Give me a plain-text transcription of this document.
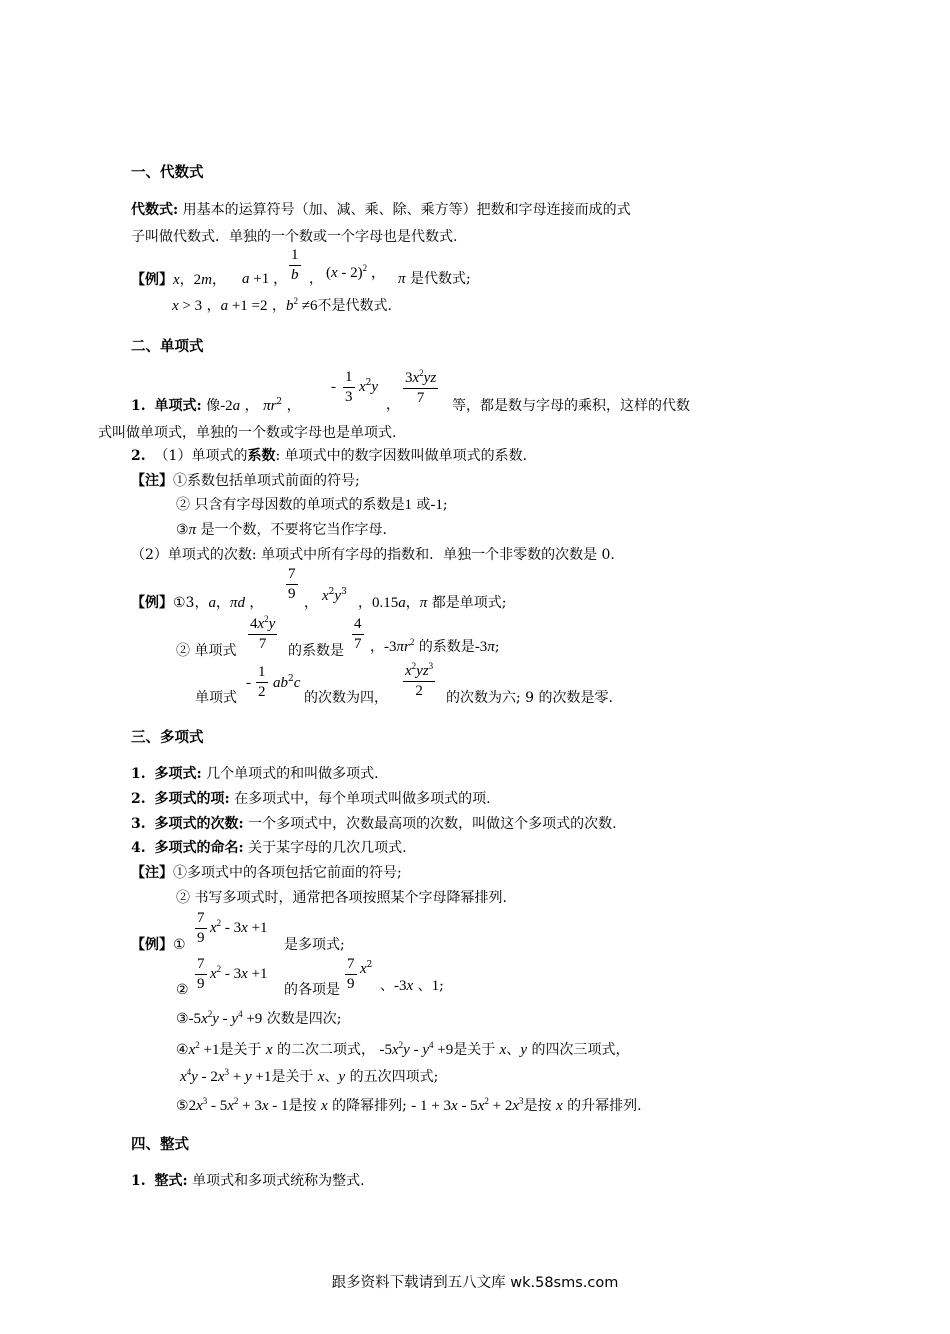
一、代数式
代数式: 用基本的运算符号（加、减、乘、除、乘方等）把数和字母连接而成的式
子叫做代数式．单独的一个数或一个字母也是代数式.
【例】x，2m， a +1 ，
1
b ， (x - 2)$^2$ ， π 是代数式;
x > 3 ，a +1 =2 ，$b^2 \ne 6$不是代数式.
二、单项式
1. 单项式: 像-2a ， $\pi r^2$ ，
-
1
3
$x^2y$
，
$3x^2yz$
7 等，都是数与字母的乘积，这样的代数
式叫做单项式，单独的一个数或字母也是单项式.
2. （1）单项式的系数: 单项式中的数字因数叫做单项式的系数.
【注】①系数包括单项式前面的符号;
② 只含有字母因数的单项式的系数是1 或-1;
③π 是一个数，不要将它当作字母.
（2）单项式的次数: 单项式中所有字母的指数和．单独一个非零数的次数是 0.
【例】①3，a，πd ，
7
9
， $x^2y^3$
，0.15a，π 都是单项式;
② 单项式
$4x^2y$
7 的系数是
4
7 ，$-3\pi r^2$ 的系数是-3π;
单项式
-
1
2
$ab^2c$
的次数为四，
$x^2yz^3$
2 的次数为六; 9 的次数是零.
三、多项式
1. 多项式: 几个单项式的和叫做多项式.
2. 多项式的项: 在多项式中，每个单项式叫做多项式的项.
3. 多项式的次数: 一个多项式中，次数最高项的次数，叫做这个多项式的次数.
4. 多项式的命名: 关于某字母的几次几项式.
【注】①多项式中的各项包括它前面的符号;
② 书写多项式时，通常把各项按照某个字母降幂排列.
【例】①
7
9
$x^2 - 3x +1$
是多项式;
②
7
9
$x^2 - 3x +1$
的各项是
7
9
$x^2$
、-3x 、1;
$③-5x^2y - y^4 +9$ 次数是四次;
$④x^2 +1$是关于 x 的二次二项式， $-5x^2y - y^4 +9$是关于 x、y 的四次三项式，
$x^4y - 2x^3 + y +1$是关于 x、y 的五次四项式;
$⑤2x^3 - 5x^2 + 3x - 1$是按 x 的降幂排列; - $1 + 3x - 5x^2 + 2x^3$是按 x 的升幂排列.
四、整式
1. 整式: 单项式和多项式统称为整式.
跟多资料下载请到五八文库 wk.58sms.com
